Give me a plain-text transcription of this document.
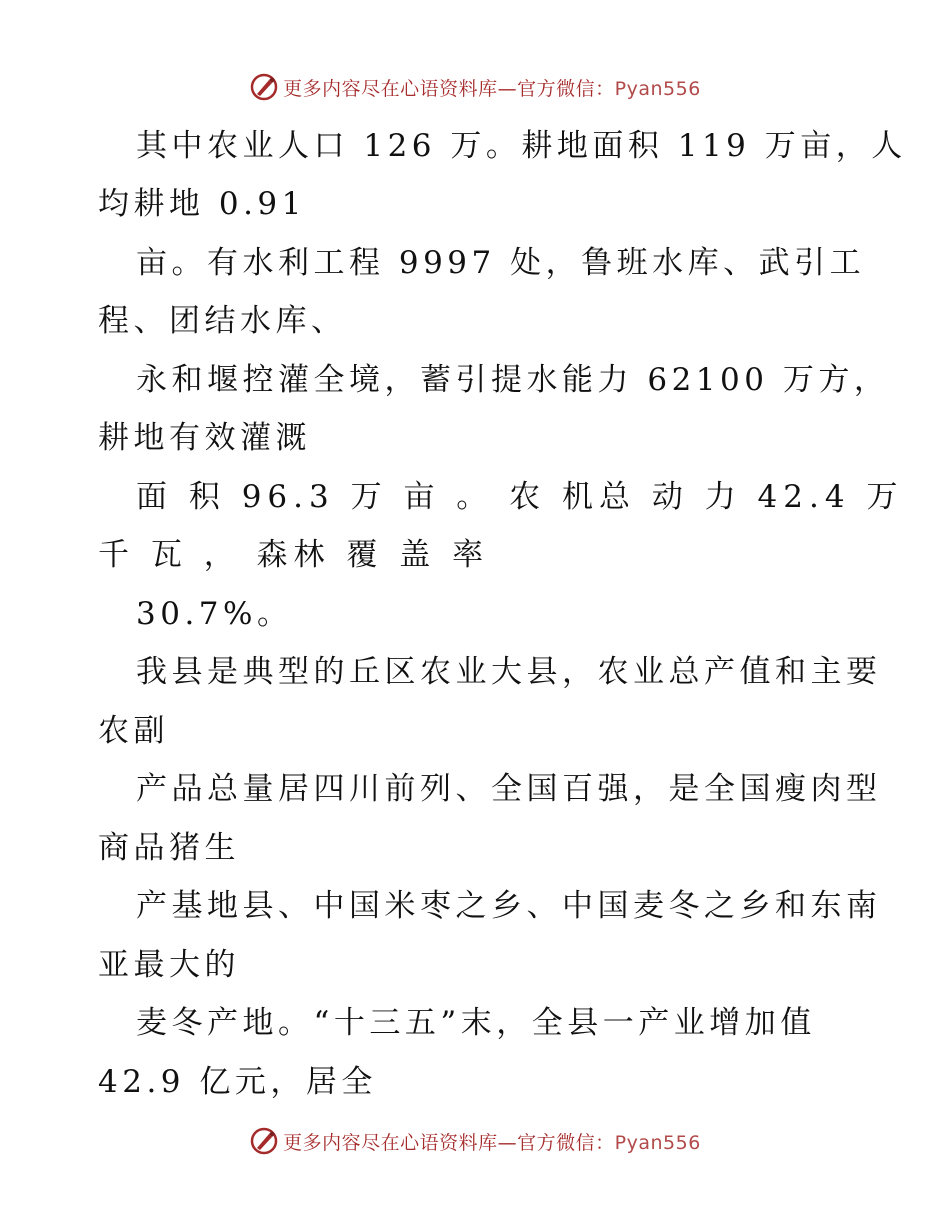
更多内容尽在心语资料库—官方微信：Pyan556
其中农业人口 126 万。耕地面积 119 万亩，人
均耕地 0.91
亩。有水利工程 9997 处，鲁班水库、武引工
程、团结水库、
永和堰控灌全境，蓄引提水能力 62100 万方，
耕地有效灌溉
面 积 96.3 万 亩 。 农 机总 动 力 42.4 万
千 瓦 ， 森林 覆 盖 率
30.7%。
我县是典型的丘区农业大县，农业总产值和主要
农副
产品总量居四川前列、全国百强，是全国瘦肉型
商品猪生
产基地县、中国米枣之乡、中国麦冬之乡和东南
亚最大的
麦冬产地。“十三五”末，全县一产业增加值
42.9 亿元，居全
更多内容尽在心语资料库—官方微信：Pyan556
